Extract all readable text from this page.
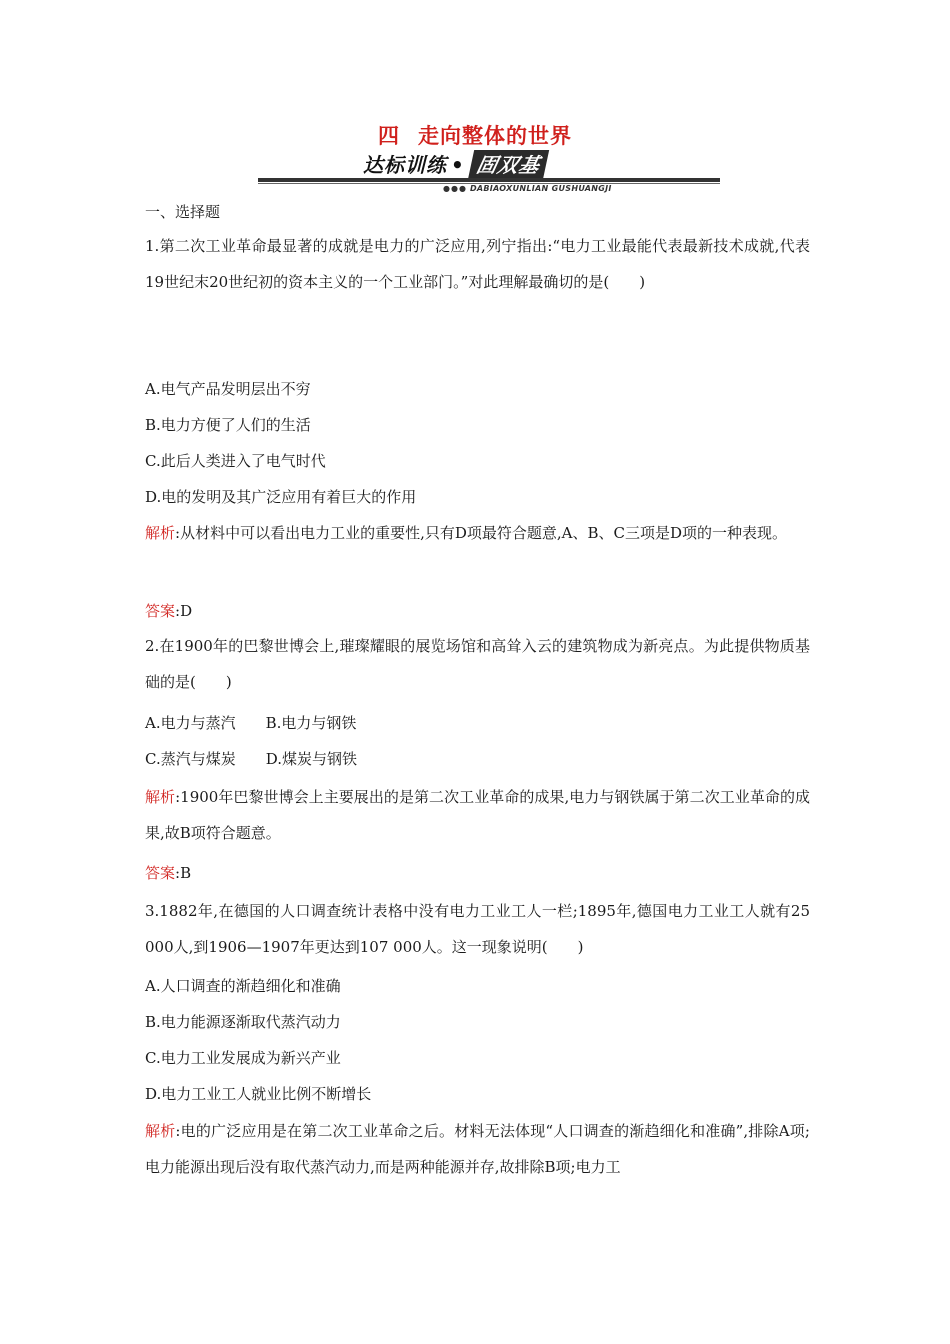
四 走向整体的世界
达标训练 • 固双基
●●● DABIAOXUNLIAN GUSHUANGJI
一、选择题
1.第二次工业革命最显著的成就是电力的广泛应用,列宁指出:“电力工业最能代表最新技术成就,代表19世纪末20世纪初的资本主义的一个工业部门。”对此理解最确切的是(　　)
A.电气产品发明层出不穷
B.电力方便了人们的生活
C.此后人类进入了电气时代
D.电的发明及其广泛应用有着巨大的作用
解析:从材料中可以看出电力工业的重要性,只有D项最符合题意,A、B、C三项是D项的一种表现。
答案:D
2.在1900年的巴黎世博会上,璀璨耀眼的展览场馆和高耸入云的建筑物成为新亮点。为此提供物质基础的是(　　)
A.电力与蒸汽　　B.电力与钢铁
C.蒸汽与煤炭　　D.煤炭与钢铁
解析:1900年巴黎世博会上主要展出的是第二次工业革命的成果,电力与钢铁属于第二次工业革命的成果,故B项符合题意。
答案:B
3.1882年,在德国的人口调查统计表格中没有电力工业工人一栏;1895年,德国电力工业工人就有25 000人,到1906—1907年更达到107 000人。这一现象说明(　　)
A.人口调查的渐趋细化和准确
B.电力能源逐渐取代蒸汽动力
C.电力工业发展成为新兴产业
D.电力工业工人就业比例不断增长
解析:电的广泛应用是在第二次工业革命之后。材料无法体现“人口调查的渐趋细化和准确”,排除A项;电力能源出现后没有取代蒸汽动力,而是两种能源并存,故排除B项;电力工
